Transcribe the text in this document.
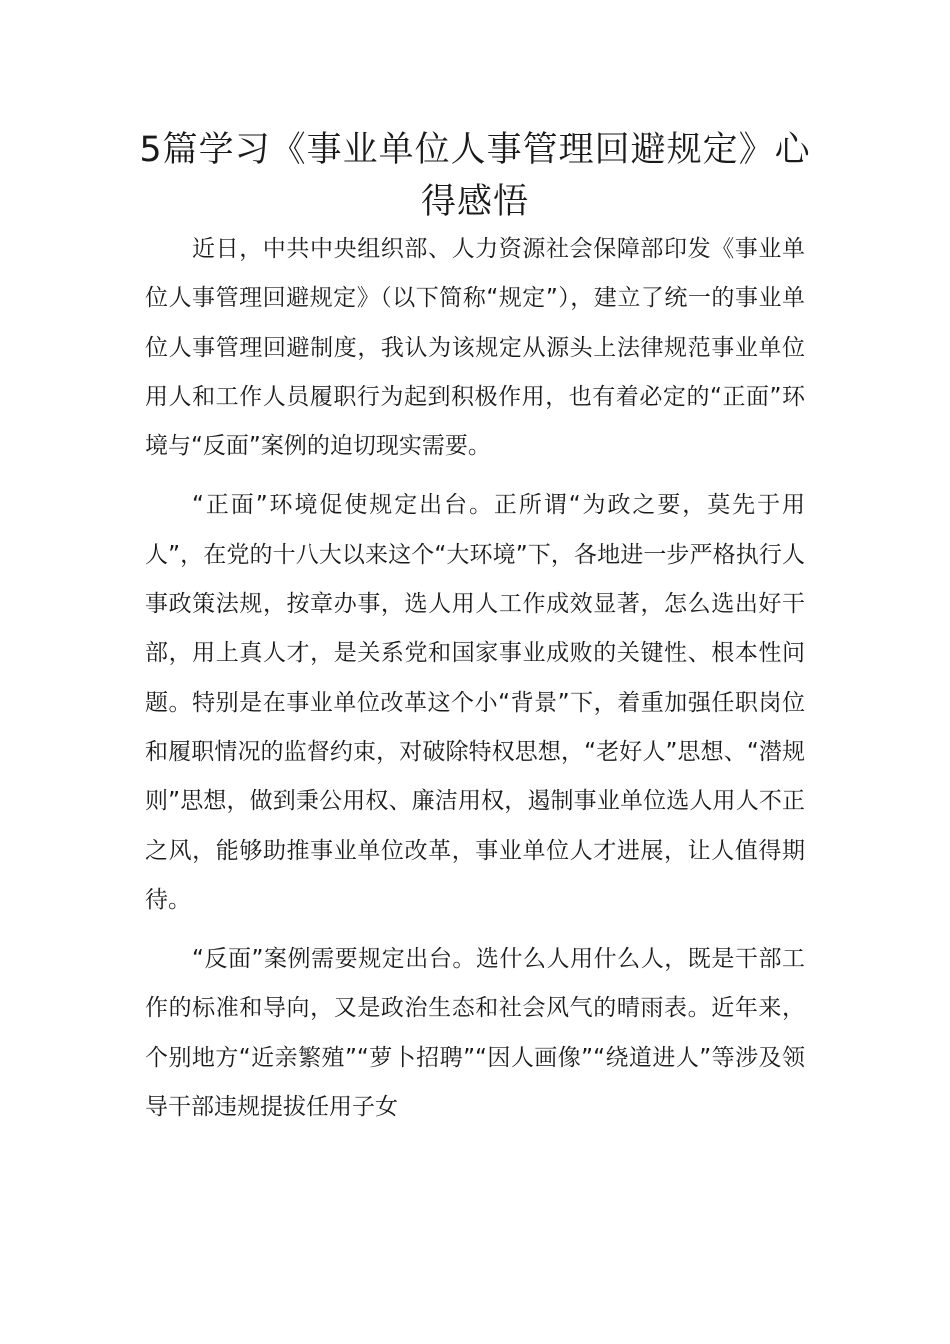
5篇学习《事业单位人事管理回避规定》心得感悟

近日，中共中央组织部、人力资源社会保障部印发《事业单位人事管理回避规定》（以下简称“规定”），建立了统一的事业单位人事管理回避制度，我认为该规定从源头上法律规范事业单位用人和工作人员履职行为起到积极作用，也有着必定的“正面”环境与“反面”案例的迫切现实需要。

“正面”环境促使规定出台。正所谓“为政之要，莫先于用人”，在党的十八大以来这个“大环境”下，各地进一步严格执行人事政策法规，按章办事，选人用人工作成效显著，怎么选出好干部，用上真人才，是关系党和国家事业成败的关键性、根本性问题。特别是在事业单位改革这个小“背景”下，着重加强任职岗位和履职情况的监督约束，对破除特权思想，“老好人”思想、“潜规则”思想，做到秉公用权、廉洁用权，遏制事业单位选人用人不正之风，能够助推事业单位改革，事业单位人才进展，让人值得期待。

“反面”案例需要规定出台。选什么人用什么人，既是干部工作的标准和导向，又是政治生态和社会风气的晴雨表。近年来，个别地方“近亲繁殖”“萝卜招聘”“因人画像”“绕道进人”等涉及领导干部违规提拔任用子女
